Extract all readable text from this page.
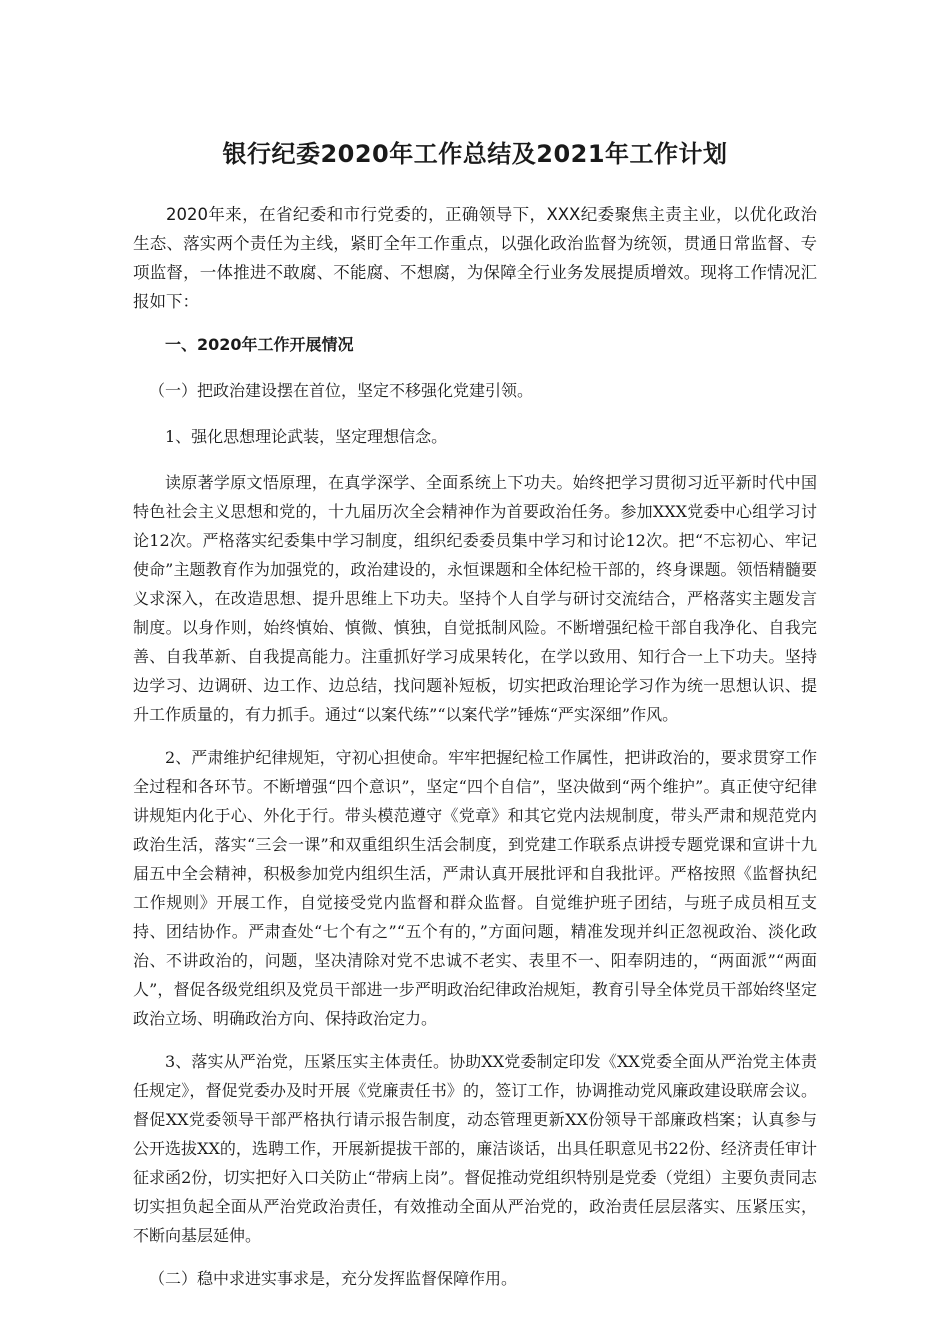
银行纪委2020年工作总结及2021年工作计划

2020年来，在省纪委和市行党委的，正确领导下，XXX纪委聚焦主责主业，以优化政治生态、落实两个责任为主线，紧盯全年工作重点，以强化政治监督为统领，贯通日常监督、专项监督，一体推进不敢腐、不能腐、不想腐，为保障全行业务发展提质增效。现将工作情况汇报如下：

一、2020年工作开展情况

（一）把政治建设摆在首位，坚定不移强化党建引领。

1、强化思想理论武装，坚定理想信念。

读原著学原文悟原理，在真学深学、全面系统上下功夫。始终把学习贯彻习近平新时代中国特色社会主义思想和党的，十九届历次全会精神作为首要政治任务。参加XXX党委中心组学习讨论12次。严格落实纪委集中学习制度，组织纪委委员集中学习和讨论12次。把“不忘初心、牢记使命”主题教育作为加强党的，政治建设的，永恒课题和全体纪检干部的，终身课题。领悟精髓要义求深入，在改造思想、提升思维上下功夫。坚持个人自学与研讨交流结合，严格落实主题发言制度。以身作则，始终慎始、慎微、慎独，自觉抵制风险。不断增强纪检干部自我净化、自我完善、自我革新、自我提高能力。注重抓好学习成果转化，在学以致用、知行合一上下功夫。坚持边学习、边调研、边工作、边总结，找问题补短板，切实把政治理论学习作为统一思想认识、提升工作质量的，有力抓手。通过“以案代练”“以案代学”锤炼“严实深细”作风。

2、严肃维护纪律规矩，守初心担使命。牢牢把握纪检工作属性，把讲政治的，要求贯穿工作全过程和各环节。不断增强“四个意识”，坚定“四个自信”，坚决做到“两个维护”。真正使守纪律讲规矩内化于心、外化于行。带头模范遵守《党章》和其它党内法规制度，带头严肃和规范党内政治生活，落实“三会一课”和双重组织生活会制度，到党建工作联系点讲授专题党课和宣讲十九届五中全会精神，积极参加党内组织生活，严肃认真开展批评和自我批评。严格按照《监督执纪工作规则》开展工作，自觉接受党内监督和群众监督。自觉维护班子团结，与班子成员相互支持、团结协作。严肃查处“七个有之”“五个有的，”方面问题，精准发现并纠正忽视政治、淡化政治、不讲政治的，问题，坚决清除对党不忠诚不老实、表里不一、阳奉阴违的，“两面派”“两面人”，督促各级党组织及党员干部进一步严明政治纪律政治规矩，教育引导全体党员干部始终坚定政治立场、明确政治方向、保持政治定力。

3、落实从严治党，压紧压实主体责任。协助XX党委制定印发《XX党委全面从严治党主体责任规定》，督促党委办及时开展《党廉责任书》的，签订工作，协调推动党风廉政建设联席会议。督促XX党委领导干部严格执行请示报告制度，动态管理更新XX份领导干部廉政档案；认真参与公开选拔XX的，选聘工作，开展新提拔干部的，廉洁谈话，出具任职意见书22份、经济责任审计征求函2份，切实把好入口关防止“带病上岗”。督促推动党组织特别是党委（党组）主要负责同志切实担负起全面从严治党政治责任，有效推动全面从严治党的，政治责任层层落实、压紧压实，不断向基层延伸。

（二）稳中求进实事求是，充分发挥监督保障作用。
